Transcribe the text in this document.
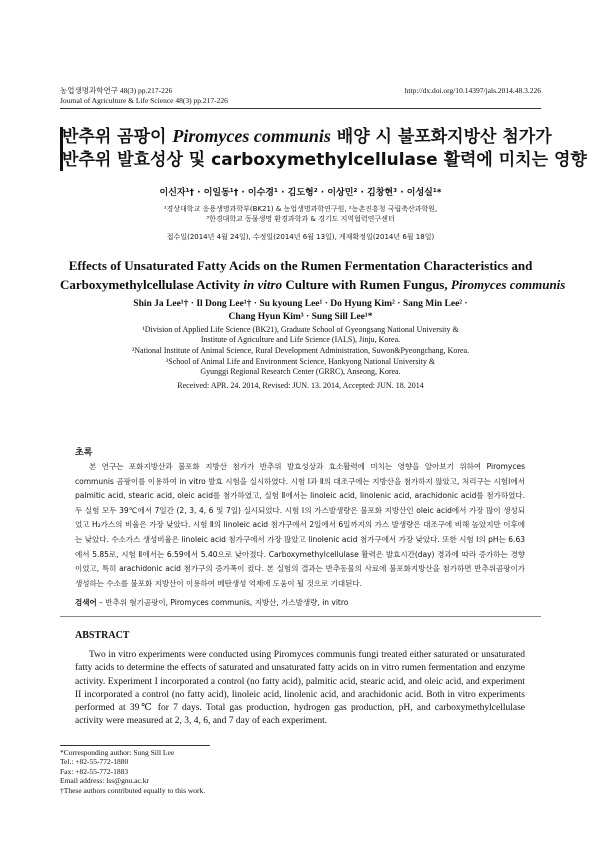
농업생명과학연구 48(3) pp.217-226	http://dx.doi.org/10.14397/jals.2014.48.3.226
Journal of Agriculture & Life Science 48(3) pp.217-226
반추위 곰팡이 Piromyces communis 배양 시 불포화지방산 첨가가
반추위 발효성상 및 carboxymethylcellulase 활력에 미치는 영향
이신자¹† · 이일동¹† · 이수경¹ · 김도형² · 이상민² · 김창현³ · 이성실¹*
¹경상대학교 응용생명과학부(BK21) & 농업생명과학연구원, ²농촌진흥청 국립축산과학원,
³한경대학교 동물생명 환경과학과 & 경기도 지역협력연구센터
접수일(2014년 4월 24일), 수정일(2014년 6월 13일), 게재확정일(2014년 6월 18일)
Effects of Unsaturated Fatty Acids on the Rumen Fermentation Characteristics and
Carboxymethylcellulase Activity in vitro Culture with Rumen Fungus, Piromyces communis
Shin Ja Lee¹† · Il Dong Lee¹† · Su kyoung Lee¹ · Do Hyung Kim² · Sang Min Lee² ·
Chang Hyun Kim³ · Sung Sill Lee¹*
¹Division of Applied Life Science (BK21), Graduate School of Gyeongsang National University &
Institute of Agriculture and Life Science (IALS), Jinju, Korea.
²National Institute of Animal Science, Rural Development Administration, Suwon&Pyeongchang, Korea.
³School of Animal Life and Environment Science, Hankyong National University &
Gyunggi Regional Research Center (GRRC), Anseong, Korea.
Received: APR. 24. 2014, Revised: JUN. 13. 2014, Accepted: JUN. 18. 2014
초록

본 연구는 포화지방산과 불포화 지방산 첨가가 반추위 발효성상과 효소활력에 미치는 영향을 알아보기 위하여 Piromyces communis 곰팡이를 이용하여 in vitro 발효 시험을 실시하였다. 시험 Ⅰ과 Ⅱ의 대조구에는 지방산을 첨가하지 않았고, 처리구는 시험Ⅰ에서 palmitic acid, stearic acid, oleic acid를 첨가하였고, 실험 Ⅱ에서는 linoleic acid, linolenic acid, arachidonic acid를 첨가하였다. 두 실험 모두 39℃에서 7일간 (2, 3, 4, 6 및 7일) 실시되었다. 시험 Ⅰ의 가스발생량은 불포화 지방산인 oleic acid에서 가장 많이 생성되었고 H₂가스의 비율은 가장 낮았다. 시험 Ⅱ의 linoleic acid 첨가구에서 2일에서 6일까지의 가스 발생량은 대조구에 비해 높았지만 이후에는 낮았다. 수소가스 생성비율은 linoleic acid 첨가구에서 가장 많았고 linolenic acid 첨가구에서 가장 낮았다. 또한 시험 Ⅰ의 pH는 6.63에서 5.85로, 시험 Ⅱ에서는 6.59에서 5.40으로 낮아졌다. Carboxymethylcellulase 활력은 발효시간(day) 경과에 따라 증가하는 경향이었고, 특히 arachidonic acid 첨가구의 증가폭이 컸다. 본 실험의 결과는 반추동물의 사료에 불포화지방산을 첨가하면 반추위곰팡이가 생성하는 수소를 불포화 지방산이 이용하여 메탄생성 억제에 도움이 될 것으로 기대된다.

검색어 – 반추위 혐기곰팡이, Piromyces communis, 지방산, 가스발생량, in vitro
ABSTRACT

Two in vitro experiments were conducted using Piromyces communis fungi treated either saturated or unsaturated fatty acids to determine the effects of saturated and unsaturated fatty acids on in vitro rumen fermentation and enzyme activity. Experiment I incorporated a control (no fatty acid), palmitic acid, stearic acid, and oleic acid, and experiment II incorporated a control (no fatty acid), linoleic acid, linolenic acid, and arachidonic acid. Both in vitro experiments performed at 39℃ for 7 days. Total gas production, hydrogen gas production, pH, and carboxymethylcellulase activity were measured at 2, 3, 4, 6, and 7 day of each experiment.

*Corresponding author: Sung Sill Lee
Tel.: +82-55-772-1880
Fax: +82-55-772-1883
Email address: lss@gnu.ac.kr
†These authors contributed equally to this work.
